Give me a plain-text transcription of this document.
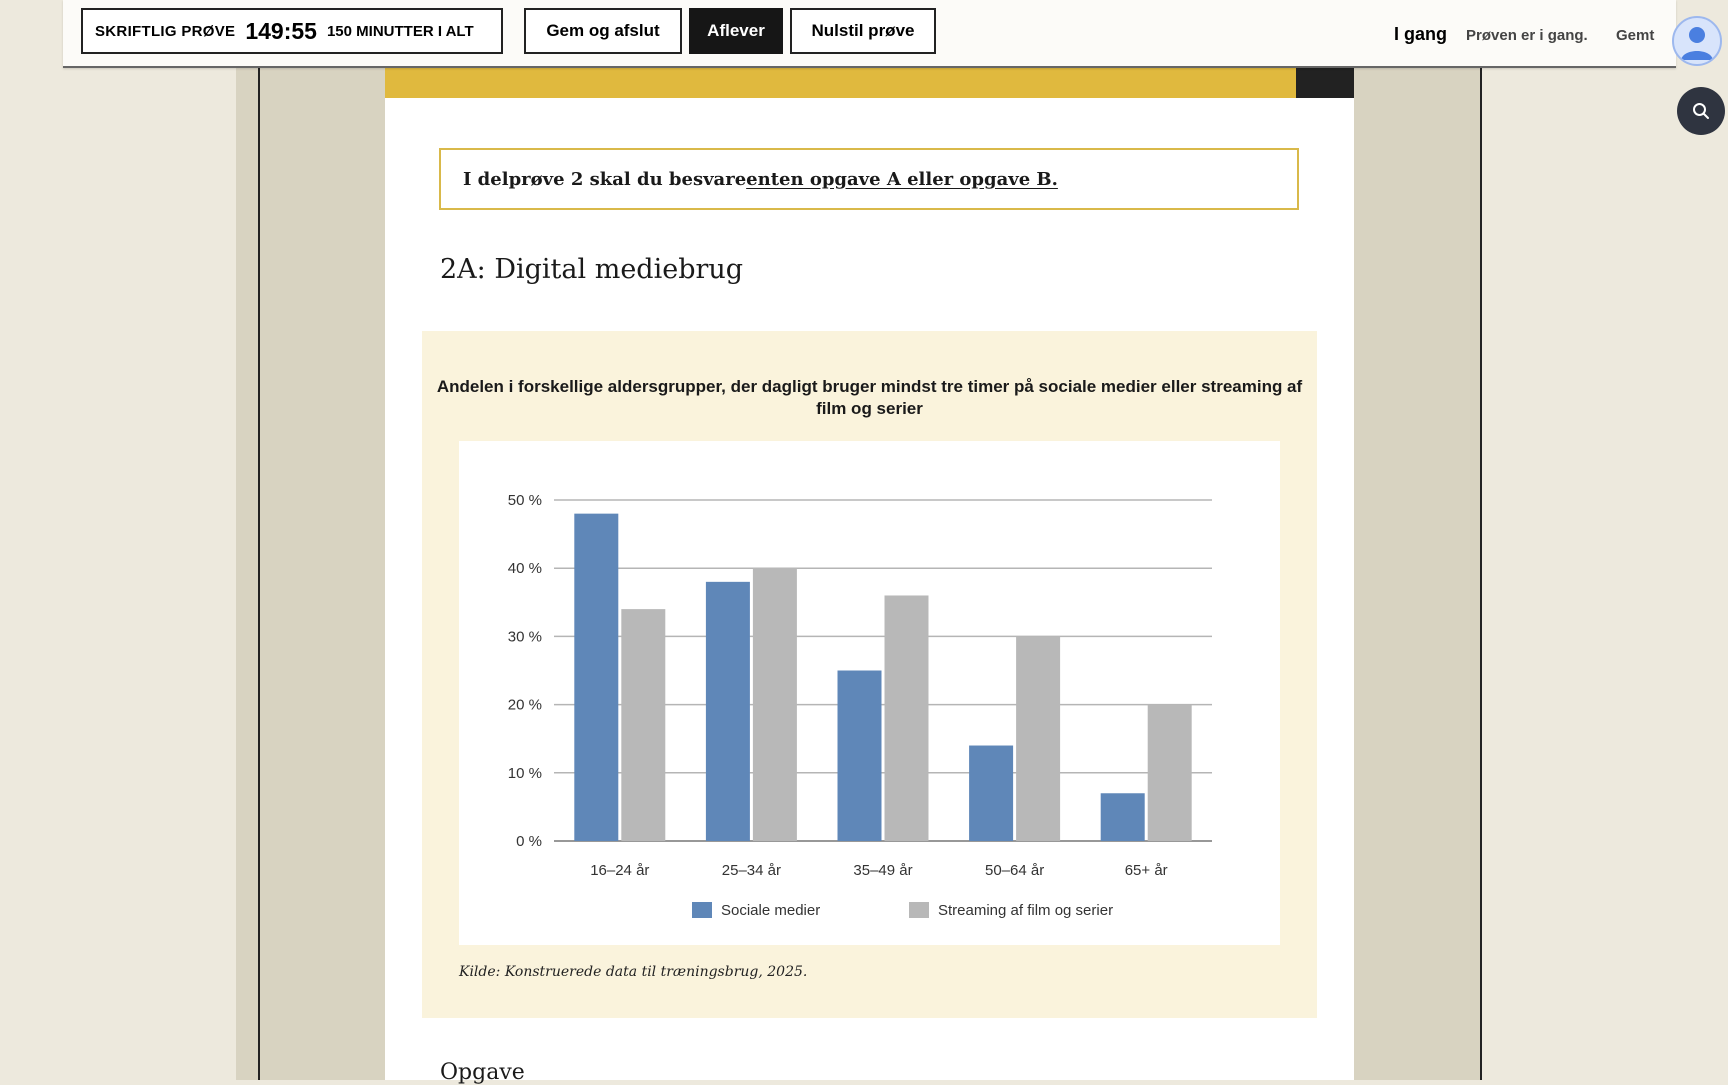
I delprøve 2 skal du besvare enten opgave A eller opgave B.
2A: Digital mediebrug
Andelen i forskellige aldersgrupper, der dagligt bruger mindst tre timer på sociale medier eller streaming af film og serier
0 %
10 %
20 %
30 %
40 %
50 %
16–24 år	25–34 år	35–49 år	50–64 år	65+ år
Sociale medier	Streaming af film og serier
Kilde: Konstruerede data til træningsbrug, 2025.
Opgave
SKRIFTLIG PRØVE 149:55 150 MINUTTER I ALT	Gem og afslut	Aflever	Nulstil prøve	I gang Prøven er i gang. Gemt
